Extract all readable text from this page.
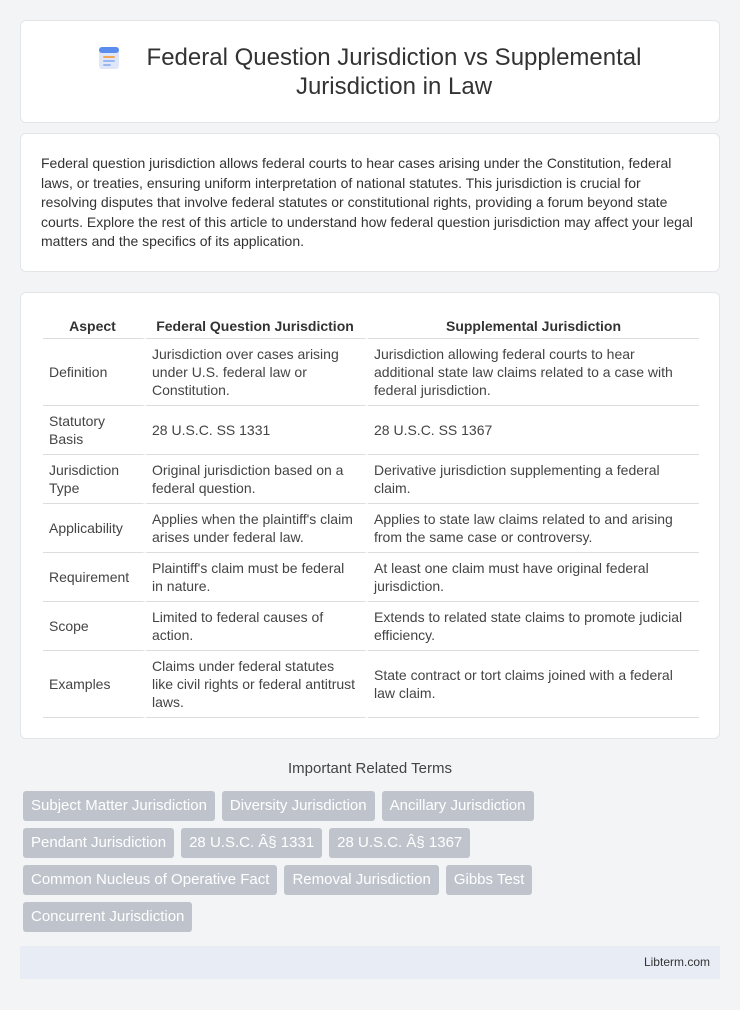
Federal Question Jurisdiction vs Supplemental Jurisdiction in Law

Federal question jurisdiction allows federal courts to hear cases arising under the Constitution, federal laws, or treaties, ensuring uniform interpretation of national statutes. This jurisdiction is crucial for resolving disputes that involve federal statutes or constitutional rights, providing a forum beyond state courts. Explore the rest of this article to understand how federal question jurisdiction may affect your legal matters and the specifics of its application.

Aspect	Federal Question Jurisdiction	Supplemental Jurisdiction
Definition	Jurisdiction over cases arising under U.S. federal law or Constitution.	Jurisdiction allowing federal courts to hear additional state law claims related to a case with federal jurisdiction.
Statutory Basis	28 U.S.C. SS 1331	28 U.S.C. SS 1367
Jurisdiction Type	Original jurisdiction based on a federal question.	Derivative jurisdiction supplementing a federal claim.
Applicability	Applies when the plaintiff's claim arises under federal law.	Applies to state law claims related to and arising from the same case or controversy.
Requirement	Plaintiff's claim must be federal in nature.	At least one claim must have original federal jurisdiction.
Scope	Limited to federal causes of action.	Extends to related state claims to promote judicial efficiency.
Examples	Claims under federal statutes like civil rights or federal antitrust laws.	State contract or tort claims joined with a federal law claim.
Important Related Terms
Subject Matter Jurisdiction	Diversity Jurisdiction	Ancillary Jurisdiction
Pendant Jurisdiction	28 U.S.C. Â§ 1331	28 U.S.C. Â§ 1367
Common Nucleus of Operative Fact	Removal Jurisdiction	Gibbs Test
Concurrent Jurisdiction
Libterm.com
